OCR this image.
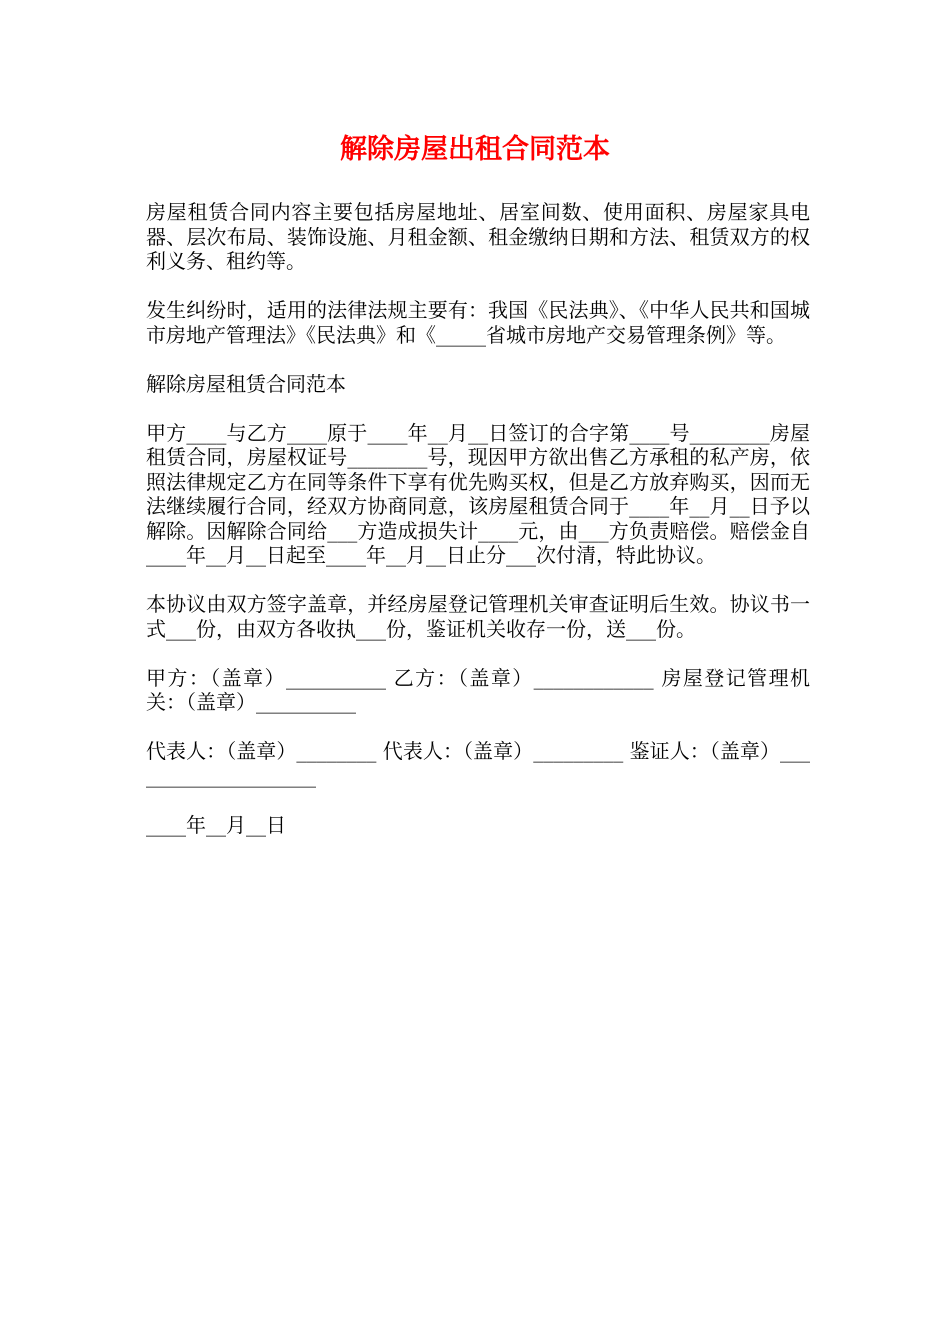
解除房屋出租合同范本

房屋租赁合同内容主要包括房屋地址、居室间数、使用面积、房屋家具电器、层次布局、装饰设施、月租金额、租金缴纳日期和方法、租赁双方的权利义务、租约等。

发生纠纷时，适用的法律法规主要有：我国《民法典》、《中华人民共和国城市房地产管理法》《民法典》和《_____省城市房地产交易管理条例》等。

解除房屋租赁合同范本

甲方____与乙方____原于____年__月__日签订的合字第____号________房屋租赁合同，房屋权证号________号，现因甲方欲出售乙方承租的私产房，依照法律规定乙方在同等条件下享有优先购买权，但是乙方放弃购买，因而无法继续履行合同，经双方协商同意，该房屋租赁合同于____年__月__日予以解除。因解除合同给___方造成损失计____元，由___方负责赔偿。赔偿金自____年__月__日起至____年__月__日止分___次付清，特此协议。

本协议由双方签字盖章，并经房屋登记管理机关审查证明后生效。协议书一式___份，由双方各收执___份，鉴证机关收存一份，送___份。

甲方：（盖章）__________ 乙方：（盖章）____________ 房屋登记管理机关：（盖章）__________

代表人：（盖章）________ 代表人：（盖章）_________ 鉴证人：（盖章）____________________

____年__月__日
